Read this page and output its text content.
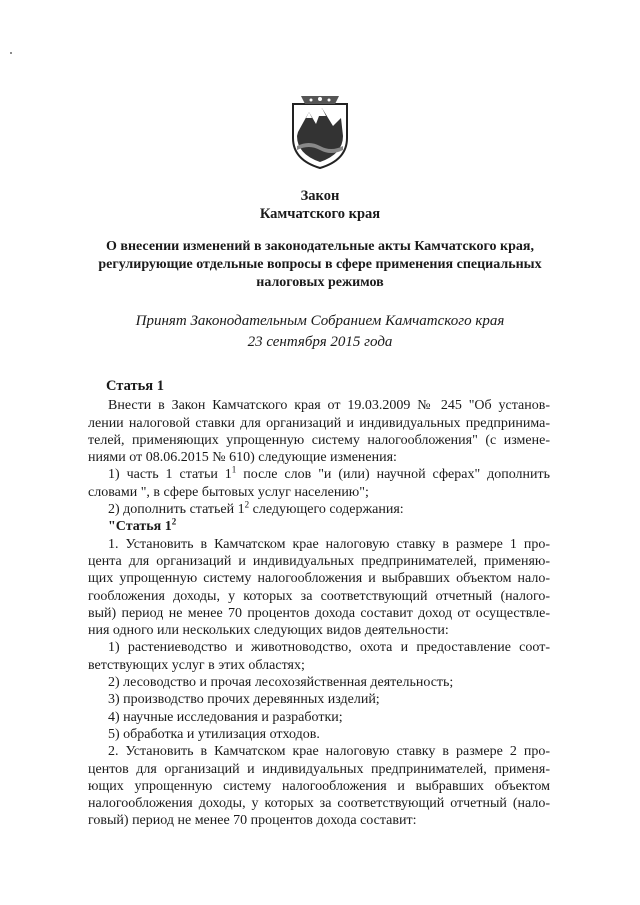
Закон
Камчатского края
О внесении изменений в законодательные акты Камчатского края,
регулирующие отдельные вопросы в сфере применения специальных
налоговых режимов
Принят Законодательным Собранием Камчатского края
23 сентября 2015 года
Статья 1
Внести в Закон Камчатского края от 19.03.2009 № 245 "Об установ-
лении налоговой ставки для организаций и индивидуальных предпринима-
телей, применяющих упрощенную систему налогообложения" (с измене-
ниями от 08.06.2015 № 610) следующие изменения:
1) часть 1 статьи $1^1$ после слов "и (или) научной сферах" дополнить
словами ", в сфере бытовых услуг населению";
2) дополнить статьей $1^2$ следующего содержания:
"Статья $1^2$
1. Установить в Камчатском крае налоговую ставку в размере 1 про-
цента для организаций и индивидуальных предпринимателей, применяю-
щих упрощенную систему налогообложения и выбравших объектом нало-
гообложения доходы, у которых за соответствующий отчетный (налого-
вый) период не менее 70 процентов дохода составит доход от осуществле-
ния одного или нескольких следующих видов деятельности:
1) растениеводство и животноводство, охота и предоставление соот-
ветствующих услуг в этих областях;
2) лесоводство и прочая лесохозяйственная деятельность;
3) производство прочих деревянных изделий;
4) научные исследования и разработки;
5) обработка и утилизация отходов.
2. Установить в Камчатском крае налоговую ставку в размере 2 про-
центов для организаций и индивидуальных предпринимателей, применя-
ющих упрощенную систему налогообложения и выбравших объектом
налогообложения доходы, у которых за соответствующий отчетный (нало-
говый) период не менее 70 процентов дохода составит:
